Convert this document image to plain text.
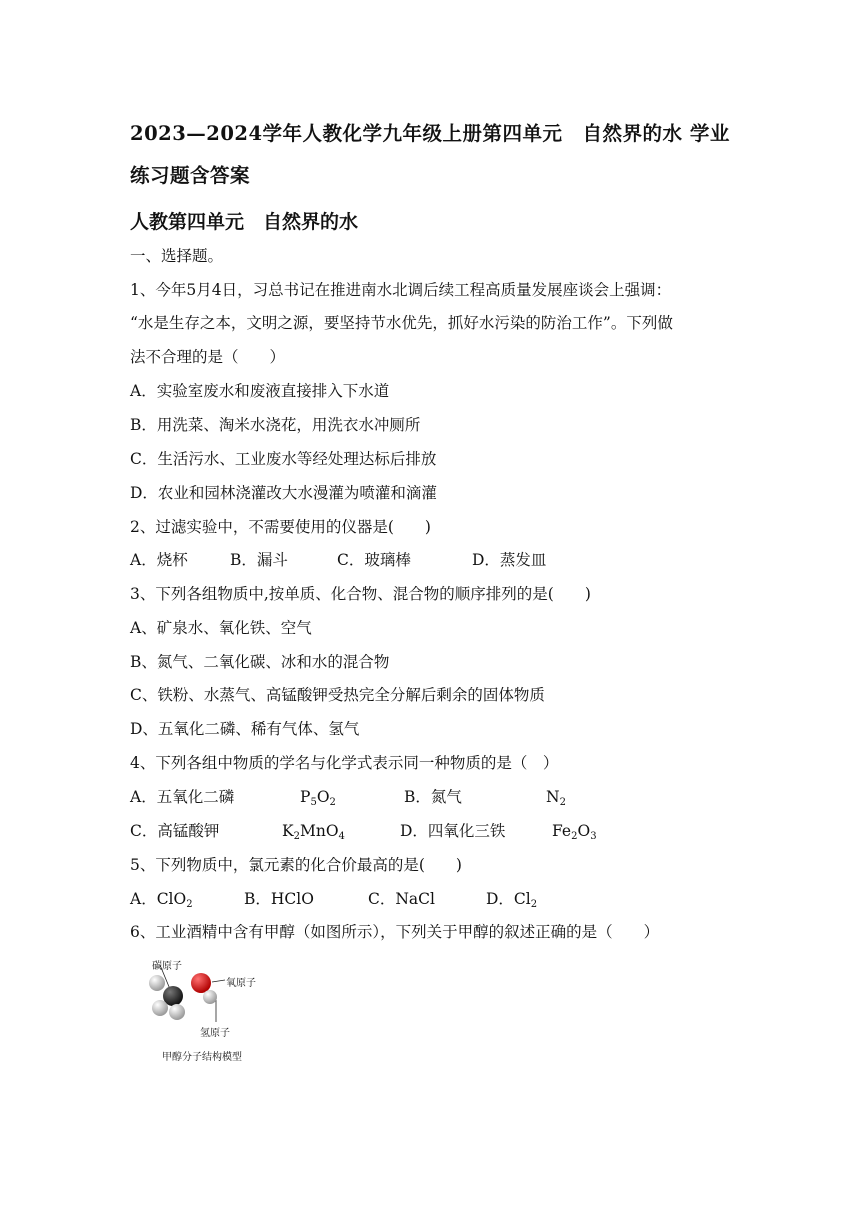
2023—2024学年人教化学九年级上册第四单元　自然界的水 学业
练习题含答案
人教第四单元　自然界的水
一、选择题。
1、今年5月4日，习总书记在推进南水北调后续工程高质量发展座谈会上强调：
“水是生存之本，文明之源，要坚持节水优先，抓好水污染的防治工作”。下列做
法不合理的是（　　）
A．实验室废水和废液直接排入下水道
B．用洗菜、淘米水浇花，用洗衣水冲厕所
C．生活污水、工业废水等经处理达标后排放
D．农业和园林浇灌改大水漫灌为喷灌和滴灌
2、过滤实验中，不需要使用的仪器是(　　)
A．烧杯	B．漏斗	C．玻璃棒	D．蒸发皿
3、下列各组物质中,按单质、化合物、混合物的顺序排列的是(　　)
A、矿泉水、氧化铁、空气
B、氮气、二氧化碳、冰和水的混合物
C、铁粉、水蒸气、高锰酸钾受热完全分解后剩余的固体物质
D、五氧化二磷、稀有气体、氢气
4、下列各组中物质的学名与化学式表示同一种物质的是（　）
A．五氧化二磷	$P_5O_2$	B．氮气	$N_2$
C．高锰酸钾	$K_2MnO_4$	D．四氧化三铁	$Fe_2O_3$
5、下列物质中，氯元素的化合价最高的是(　　)
A．ClO$_2$	B．HClO	C．NaCl	D．$Cl_2$
6、工业酒精中含有甲醇（如图所示），下列关于甲醇的叙述正确的是（　　）
碳原子
氧原子
氢原子
甲醇分子结构模型
